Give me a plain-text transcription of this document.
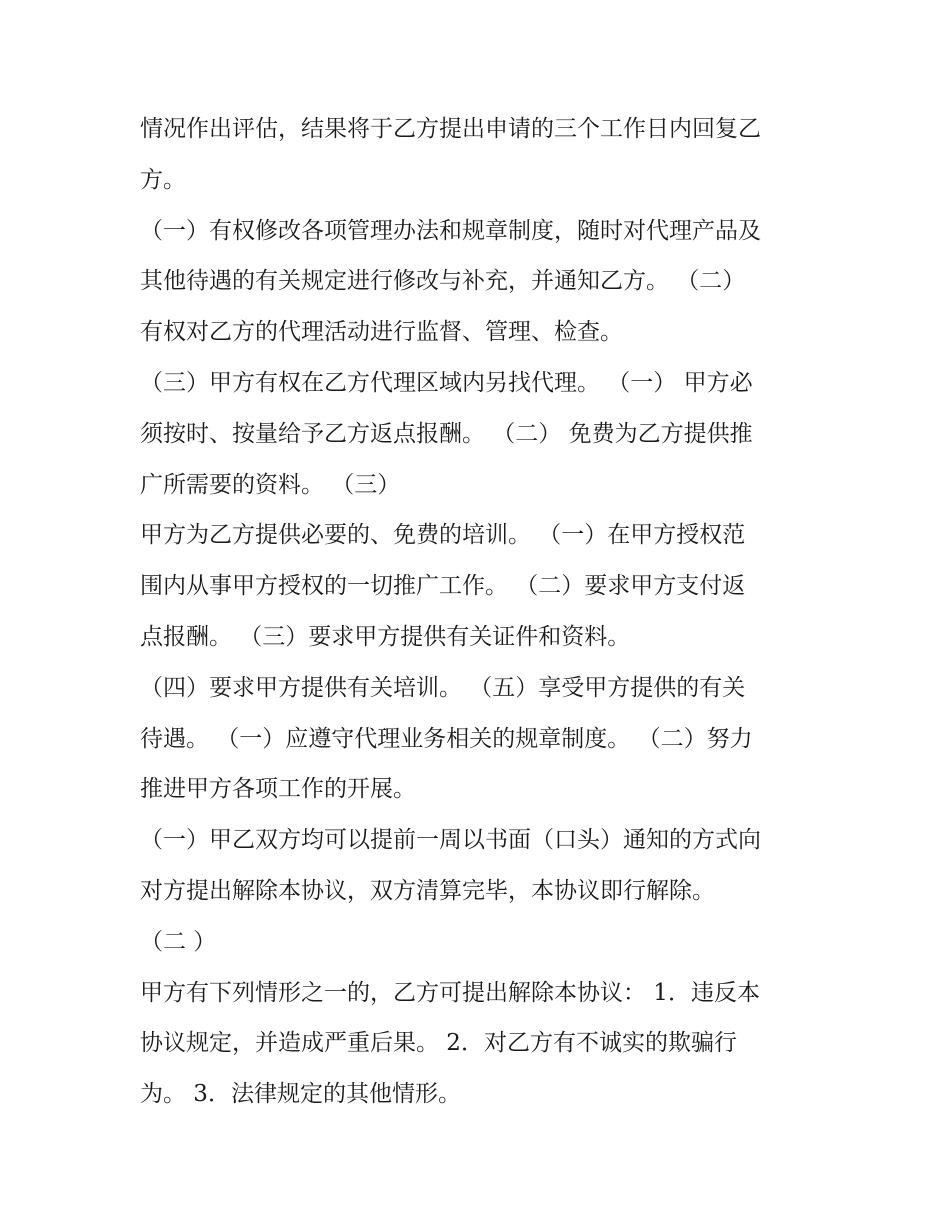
情况作出评估，结果将于乙方提出申请的三个工作日内回复乙
方。
（一）有权修改各项管理办法和规章制度，随时对代理产品及
其他待遇的有关规定进行修改与补充，并通知乙方。 （二）
有权对乙方的代理活动进行监督、管理、检查。
（三）甲方有权在乙方代理区域内另找代理。 （一） 甲方必
须按时、按量给予乙方返点报酬。 （二） 免费为乙方提供推
广所需要的资料。 （三）
甲方为乙方提供必要的、免费的培训。 （一）在甲方授权范
围内从事甲方授权的一切推广工作。 （二）要求甲方支付返
点报酬。 （三）要求甲方提供有关证件和资料。
（四）要求甲方提供有关培训。 （五）享受甲方提供的有关
待遇。 （一）应遵守代理业务相关的规章制度。 （二）努力
推进甲方各项工作的开展。
（一）甲乙双方均可以提前一周以书面（口头）通知的方式向
对方提出解除本协议，双方清算完毕，本协议即行解除。
（二 ）
甲方有下列情形之一的，乙方可提出解除本协议： 1．违反本
协议规定，并造成严重后果。 2．对乙方有不诚实的欺骗行
为。 3．法律规定的其他情形。
